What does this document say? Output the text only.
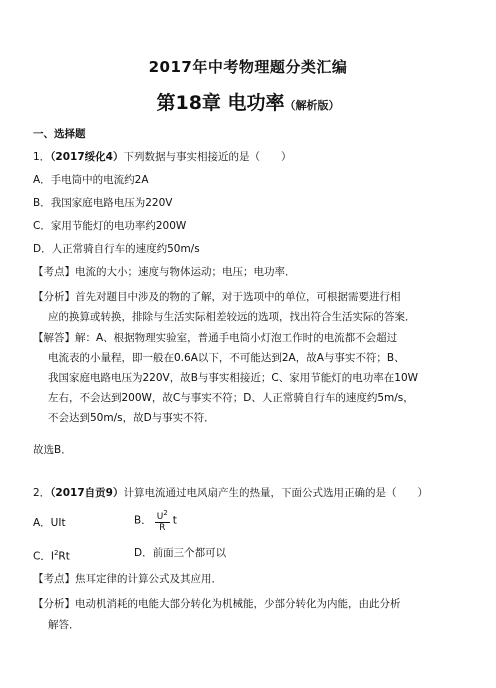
2017年中考物理题分类汇编
第18章 电功率（解析版）
一、选择题
1．（2017绥化4）下列数据与事实相接近的是（　　）
A．手电筒中的电流约2A
B．我国家庭电路电压为220V
C．家用节能灯的电功率约200W
D．人正常骑自行车的速度约50m/s
【考点】电流的大小；速度与物体运动；电压；电功率．
【分析】首先对题目中涉及的物的了解，对于选项中的单位，可根据需要进行相
应的换算或转换，排除与生活实际相差较远的选项，找出符合生活实际的答案．
【解答】解：A、根据物理实验室，普通手电筒小灯泡工作时的电流都不会超过
电流表的小量程，即一般在0.6A以下，不可能达到2A，故A与事实不符；B、
我国家庭电路电压为220V，故B与事实相接近；C、家用节能灯的电功率在10W
左右，不会达到200W，故C与事实不符；D、人正常骑自行车的速度约5m/s，
不会达到50m/s，故D与事实不符．
故选B．
2．（2017自贡9）计算电流通过电风扇产生的热量，下面公式选用正确的是（　　）
A．UIt	B． $\frac{U^2}{R}$ t
C．$I^2Rt$	D．前面三个都可以
【考点】焦耳定律的计算公式及其应用．
【分析】电动机消耗的电能大部分转化为机械能，少部分转化为内能，由此分析
解答．
